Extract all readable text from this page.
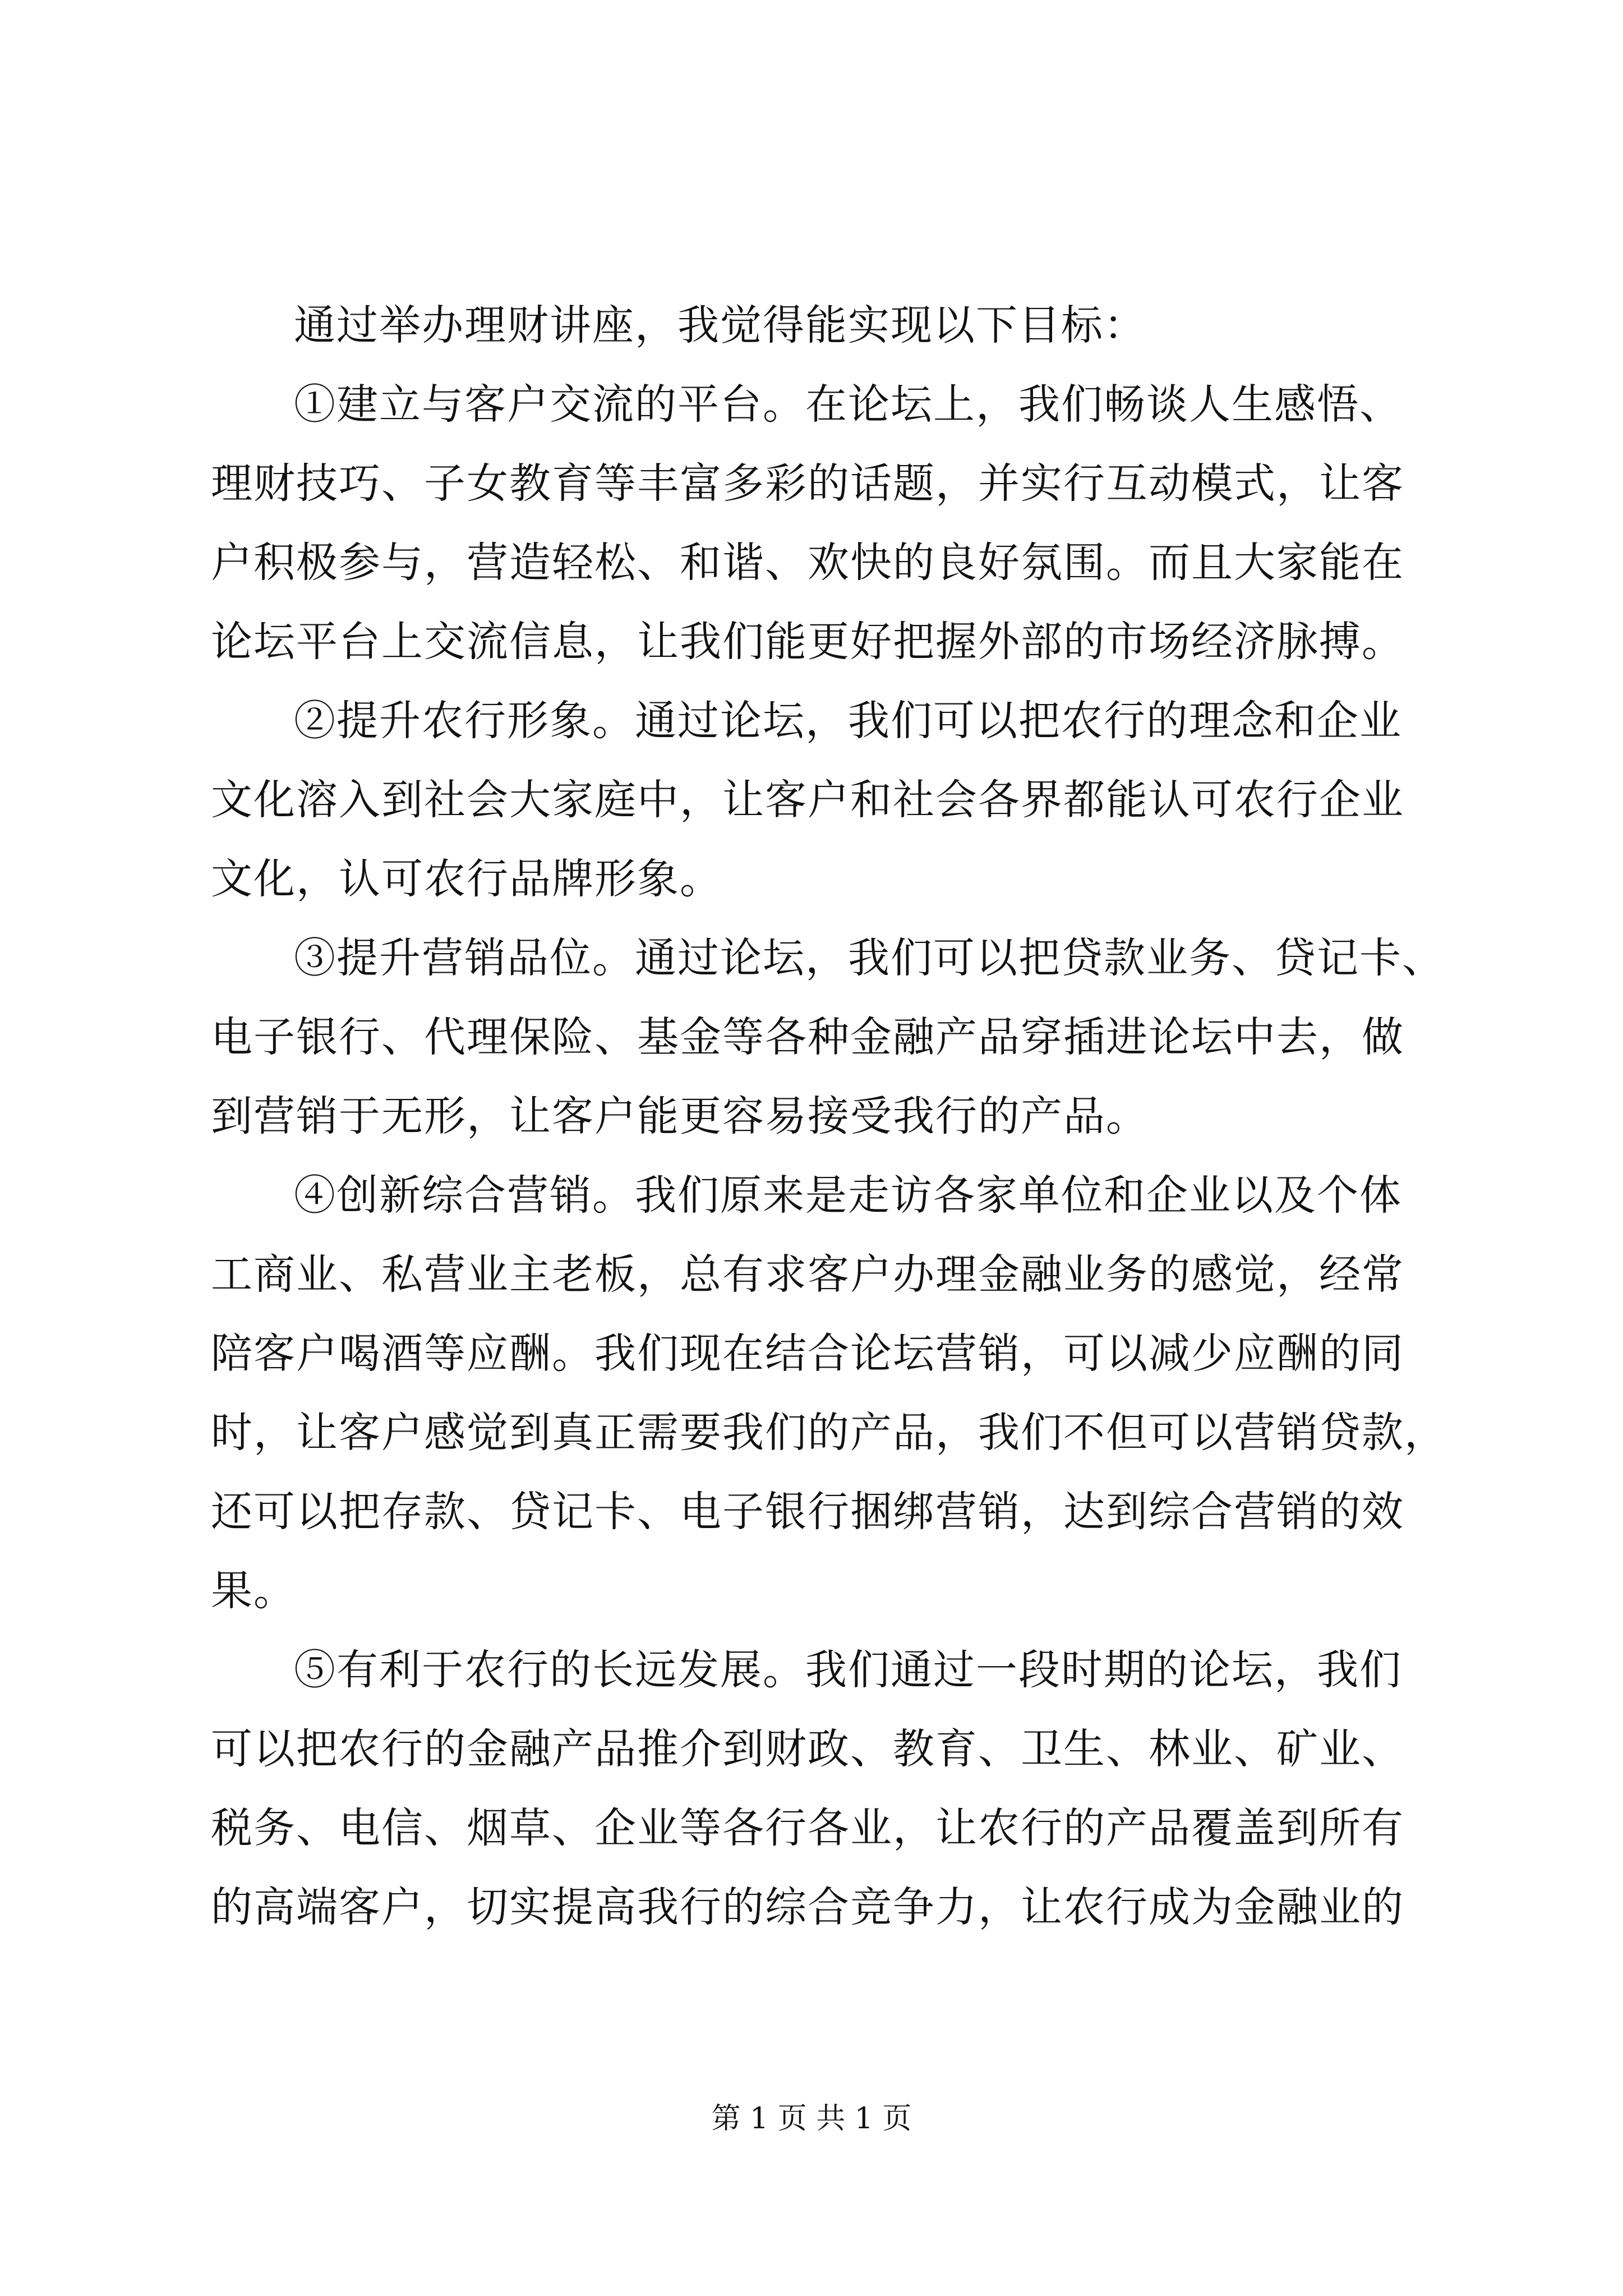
通过举办理财讲座，我觉得能实现以下目标：
①建立与客户交流的平台。在论坛上，我们畅谈人生感悟、
理财技巧、子女教育等丰富多彩的话题，并实行互动模式，让客
户积极参与，营造轻松、和谐、欢快的良好氛围。而且大家能在
论坛平台上交流信息，让我们能更好把握外部的市场经济脉搏。
②提升农行形象。通过论坛，我们可以把农行的理念和企业
文化溶入到社会大家庭中，让客户和社会各界都能认可农行企业
文化，认可农行品牌形象。
③提升营销品位。通过论坛，我们可以把贷款业务、贷记卡、
电子银行、代理保险、基金等各种金融产品穿插进论坛中去，做
到营销于无形，让客户能更容易接受我行的产品。
④创新综合营销。我们原来是走访各家单位和企业以及个体
工商业、私营业主老板，总有求客户办理金融业务的感觉，经常
陪客户喝酒等应酬。我们现在结合论坛营销，可以减少应酬的同
时，让客户感觉到真正需要我们的产品，我们不但可以营销贷款，
还可以把存款、贷记卡、电子银行捆绑营销，达到综合营销的效
果。
⑤有利于农行的长远发展。我们通过一段时期的论坛，我们
可以把农行的金融产品推介到财政、教育、卫生、林业、矿业、
税务、电信、烟草、企业等各行各业，让农行的产品覆盖到所有
的高端客户，切实提高我行的综合竞争力，让农行成为金融业的
第 1 页 共 1 页
